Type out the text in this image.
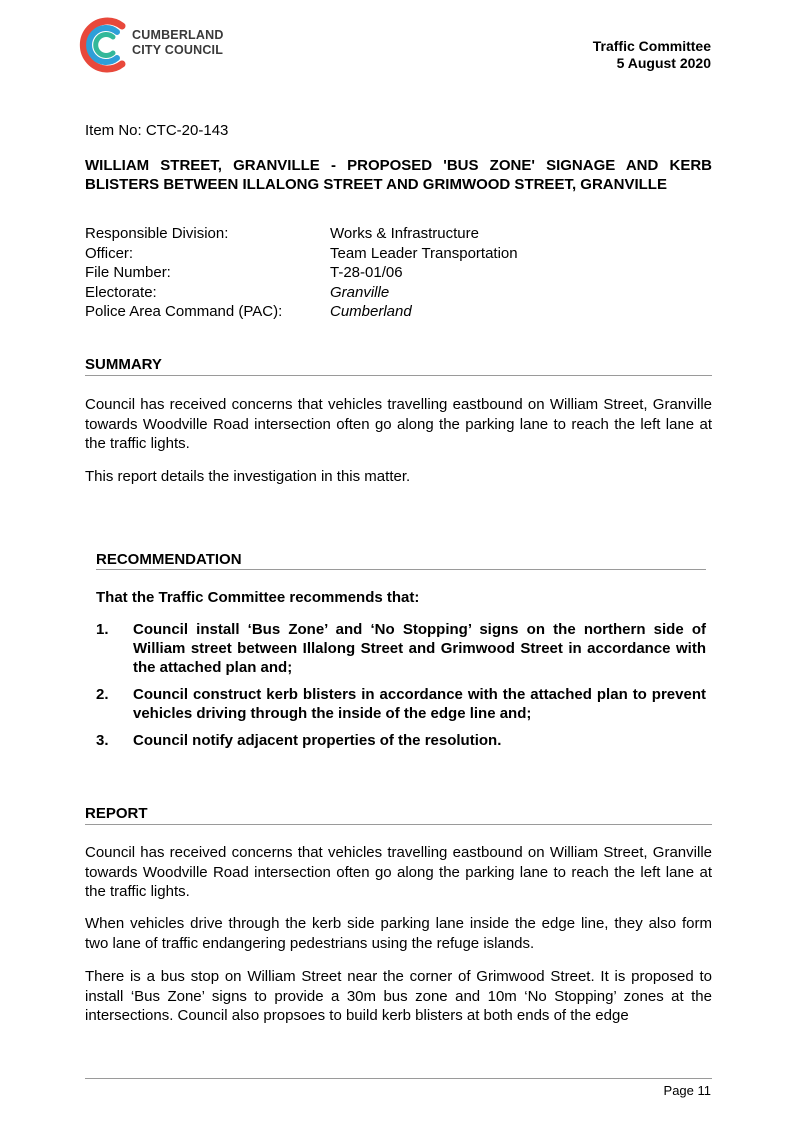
CUMBERLAND
CITY COUNCIL	Traffic Committee
5 August 2020
Item No: CTC-20-143
WILLIAM STREET, GRANVILLE - PROPOSED 'BUS ZONE' SIGNAGE AND KERB BLISTERS BETWEEN ILLALONG STREET AND GRIMWOOD STREET, GRANVILLE
Responsible Division:	Works & Infrastructure
Officer:	Team Leader Transportation
File Number:	T-28-01/06
Electorate:	Granville
Police Area Command (PAC):	Cumberland
SUMMARY
Council has received concerns that vehicles travelling eastbound on William Street, Granville towards Woodville Road intersection often go along the parking lane to reach the left lane at the traffic lights.
This report details the investigation in this matter.
RECOMMENDATION
That the Traffic Committee recommends that:
1.	Council install ‘Bus Zone’ and ‘No Stopping’ signs on the northern side of William street between Illalong Street and Grimwood Street in accordance with the attached plan and;
2.	Council construct kerb blisters in accordance with the attached plan to prevent vehicles driving through the inside of the edge line and;
3.	Council notify adjacent properties of the resolution.
REPORT
Council has received concerns that vehicles travelling eastbound on William Street, Granville towards Woodville Road intersection often go along the parking lane to reach the left lane at the traffic lights.
When vehicles drive through the kerb side parking lane inside the edge line, they also form two lane of traffic endangering pedestrians using the refuge islands.
There is a bus stop on William Street near the corner of Grimwood Street. It is proposed to install ‘Bus Zone’ signs to provide a 30m bus zone and 10m ‘No Stopping’ zones at the intersections. Council also propsoes to build kerb blisters at both ends of the edge
Page 11
